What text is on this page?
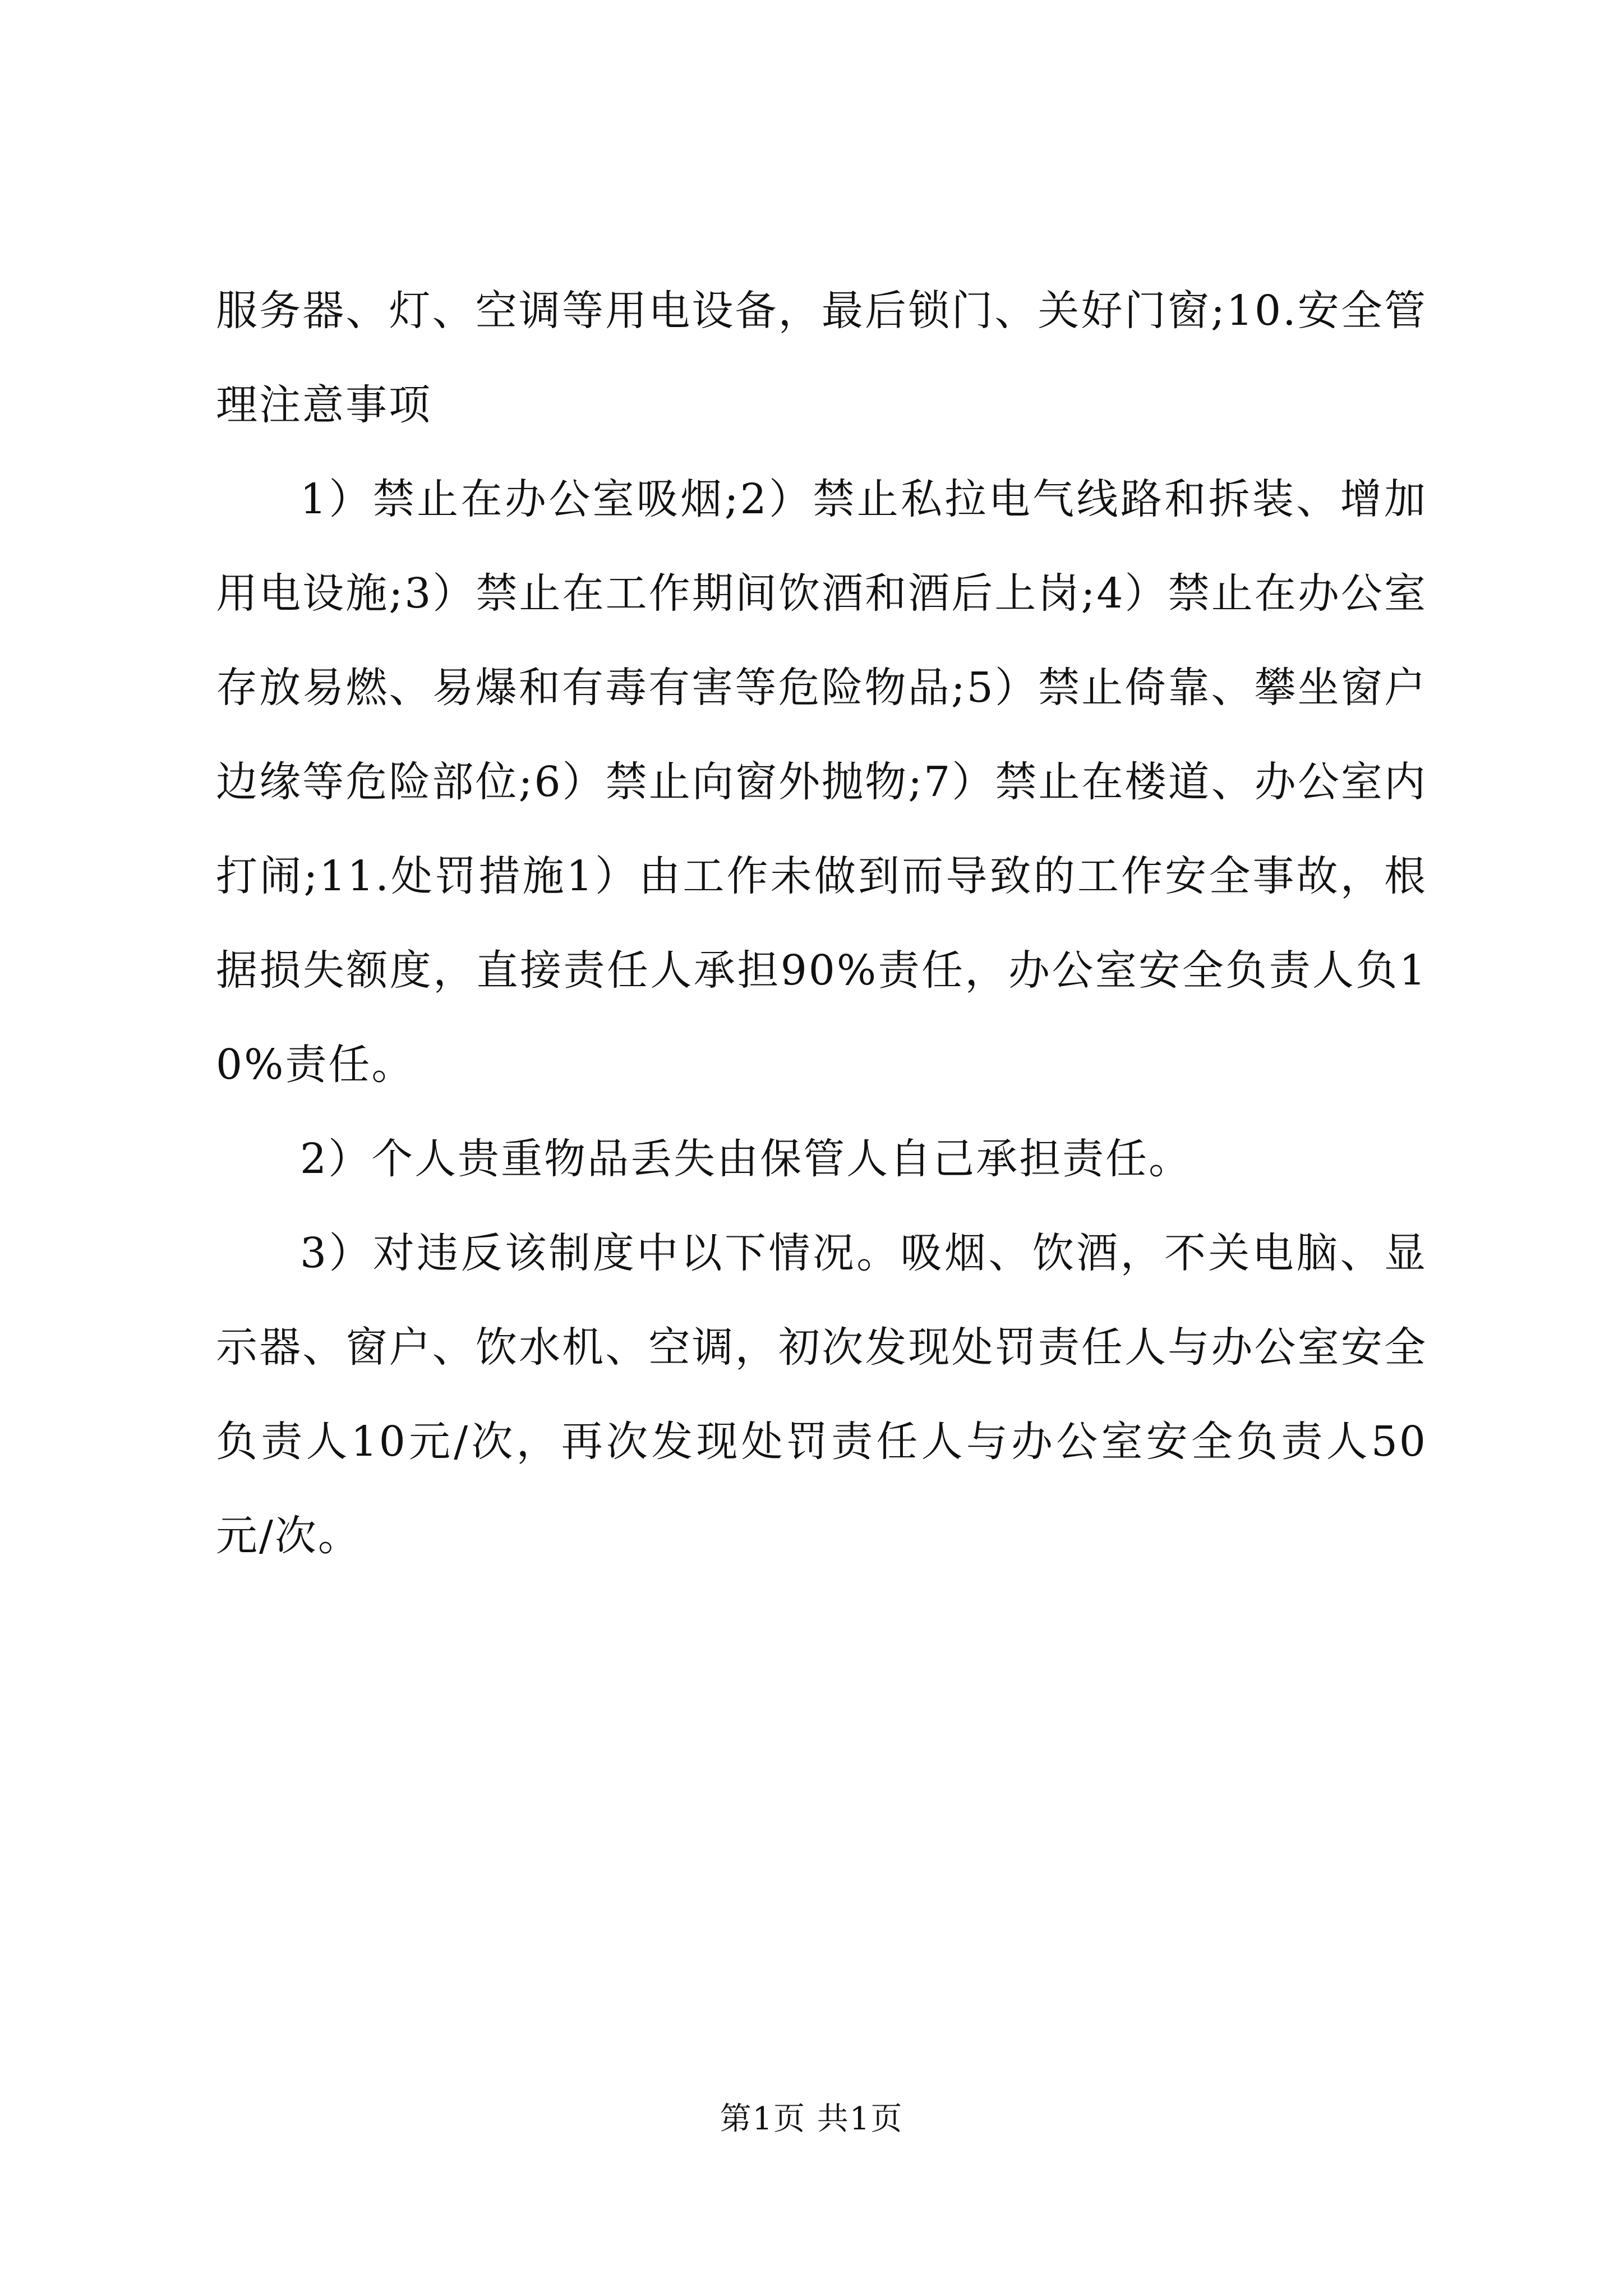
服务器、灯、空调等用电设备，最后锁门、关好门窗;10.安全管理注意事项

1）禁止在办公室吸烟;2）禁止私拉电气线路和拆装、增加用电设施;3）禁止在工作期间饮酒和酒后上岗;4）禁止在办公室存放易燃、易爆和有毒有害等危险物品;5）禁止倚靠、攀坐窗户边缘等危险部位;6）禁止向窗外抛物;7）禁止在楼道、办公室内打闹;11.处罚措施1）由工作未做到而导致的工作安全事故，根据损失额度，直接责任人承担90%责任，办公室安全负责人负10%责任。

2）个人贵重物品丢失由保管人自己承担责任。

3）对违反该制度中以下情况。吸烟、饮酒，不关电脑、显示器、窗户、饮水机、空调，初次发现处罚责任人与办公室安全负责人10元/次，再次发现处罚责任人与办公室安全负责人50元/次。

第1页 共1页
